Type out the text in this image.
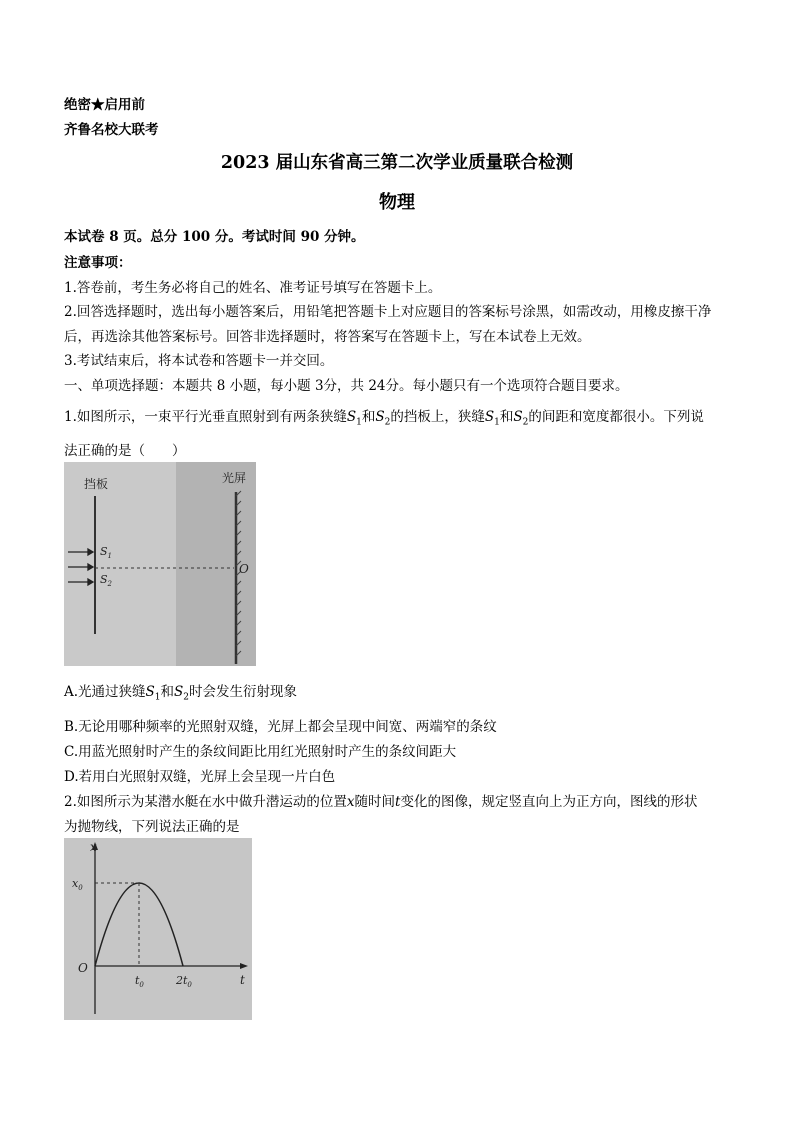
绝密★启用前
齐鲁名校大联考
2023 届山东省高三第二次学业质量联合检测
物理
本试卷 8 页。总分 100 分。考试时间 90 分钟。
注意事项：
1.答卷前，考生务必将自己的姓名、准考证号填写在答题卡上。
2.回答选择题时，选出每小题答案后，用铅笔把答题卡上对应题目的答案标号涂黑，如需改动，用橡皮擦干净
后，再选涂其他答案标号。回答非选择题时，将答案写在答题卡上，写在本试卷上无效。
3.考试结束后，将本试卷和答题卡一并交回。
一、单项选择题：本题共 8 小题，每小题 3分，共 24分。每小题只有一个选项符合题目要求。
1.如图所示，一束平行光垂直照射到有两条狭缝$S_1$和$S_2$的挡板上，狭缝$S_1$和$S_2$的间距和宽度都很小。下列说
法正确的是（　　）
挡板	光屏
$S_1$
$S_2$
O
A.光通过狭缝$S_1$和$S_2$时会发生衍射现象
B.无论用哪种频率的光照射双缝，光屏上都会呈现中间宽、两端窄的条纹
C.用蓝光照射时产生的条纹间距比用红光照射时产生的条纹间距大
D.若用白光照射双缝，光屏上会呈现一片白色
2.如图所示为某潜水艇在水中做升潜运动的位置x随时间t变化的图像，规定竖直向上为正方向，图线的形状
为抛物线，下列说法正确的是
x
t
$x_0$
O
$t_0$	$2t_0$
